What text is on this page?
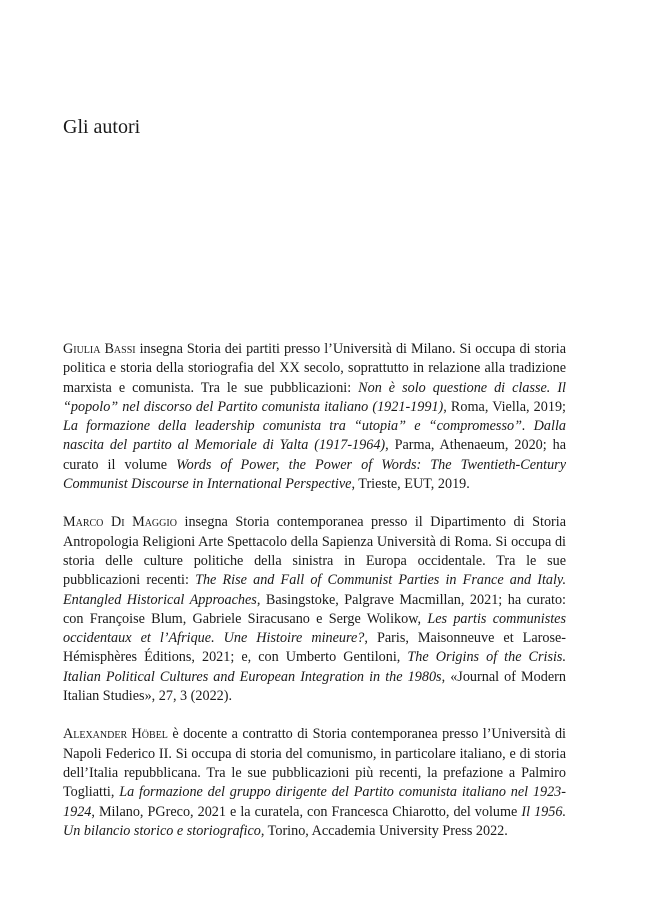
Gli autori

Giulia Bassi insegna Storia dei partiti presso l’Università di Milano. Si occupa di storia politica e storia della storiografia del XX secolo, soprattutto in relazione alla tradizione marxista e comunista. Tra le sue pubblicazioni: Non è solo questione di classe. Il “popolo” nel discorso del Partito comunista italiano (1921-1991), Roma, Viella, 2019; La formazione della leadership comunista tra “utopia” e “compromesso”. Dalla nascita del partito al Memoriale di Yalta (1917-1964), Parma, Athenaeum, 2020; ha curato il volume Words of Power, the Power of Words: The Twentieth-Century Communist Discourse in International Perspective, Trieste, EUT, 2019.

Marco Di Maggio insegna Storia contemporanea presso il Dipartimento di Storia Antropologia Religioni Arte Spettacolo della Sapienza Università di Roma. Si occupa di storia delle culture politiche della sinistra in Europa occidentale. Tra le sue pubblicazioni recenti: The Rise and Fall of Communist Parties in France and Italy. Entangled Historical Approaches, Basingstoke, Palgrave Macmillan, 2021; ha curato: con Françoise Blum, Gabriele Siracusano e Serge Wolikow, Les partis communistes occidentaux et l’Afrique. Une Histoire mineure?, Paris, Maisonneuve et Larose-Hémisphères Éditions, 2021; e, con Umberto Gentiloni, The Origins of the Crisis. Italian Political Cultures and European Integration in the 1980s, «Journal of Modern Italian Studies», 27, 3 (2022).

Alexander Höbel è docente a contratto di Storia contemporanea presso l’Università di Napoli Federico II. Si occupa di storia del comunismo, in particolare italiano, e di storia dell’Italia repubblicana. Tra le sue pubblicazioni più recenti, la prefazione a Palmiro Togliatti, La formazione del gruppo dirigente del Partito comunista italiano nel 1923-1924, Milano, PGreco, 2021 e la curatela, con Francesca Chiarotto, del volume Il 1956. Un bilancio storico e storiografico, Torino, Accademia University Press 2022.
